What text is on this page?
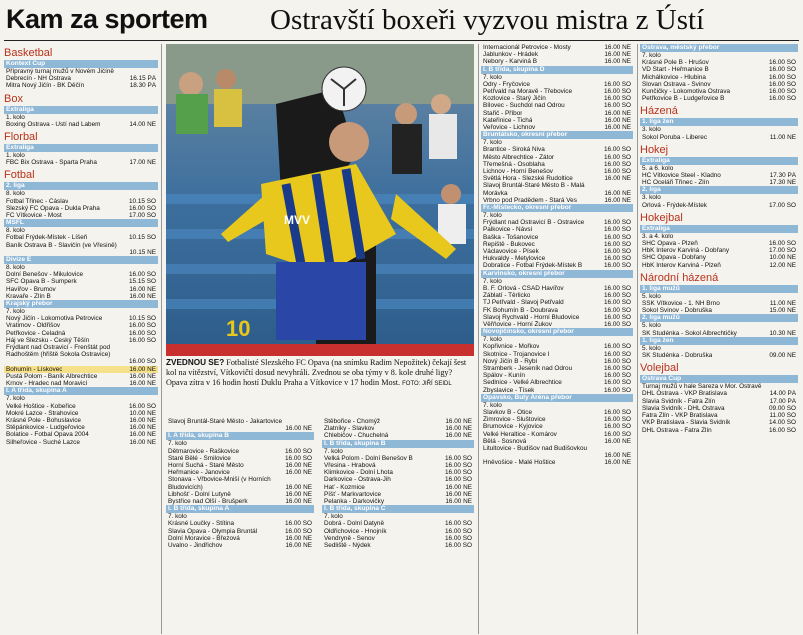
Kam za sportem Ostravští boxeři vyzvou mistra z Ústí
Basketbal
Kontext Cup
Přípravný turnaj mužů v Novém Jičíně
Debrecín - NH Ostrava	16.15 PÁ
Mitra Nový Jičín - BK Děčín	18.30 PÁ
Box
Extraliga
1. kolo
Boxing Ostrava - Ústí nad Labem	14.00 NE
Florbal
Extraliga
1. kolo
FBC Bix Ostrava - Sparta Praha	17.00 NE
Fotbal
2. liga
8. kolo
Fotbal Třinec - Čáslav	10.15 SO
Slezský FC Opava - Dukla Praha	16.00 SO
FC Vítkovice - Most	17.00 SO
MSFL
8. kolo
Fotbal Frýdek-Místek - Líšeň	10.15 SO
Baník Ostrava B - Slavičín (ve Vřesině)
10.15 NE
Divize E
8. kolo
Dolní Benešov - Mikulovice	16.00 SO
SFC Opava B - Šumperk	15.15 SO
Havířov - Brumov	16.00 NE
Kravaře - Zlín B	16.00 NE
Krajský přebor
7. kolo
Nový Jičín - Lokomotiva Petrovice	10.15 SO
Vratimov - Oldřišov	16.00 SO
Petřkovice - Čeladná	16.00 SO
Háj ve Slezsku - Český Těšín	16.00 SO
Frýdlant nad Ostravicí - Frenštát pod
Radhoštěm (hřiště Sokola Ostravice)
16.00 SO
Bohumín - Lískovec	16.00 NE
Pustá Polom - Baník Albrechtice	16.00 NE
Krnov - Hradec nad Moravicí	16.00 NE
I. A třída, skupina A
7. kolo
Velké Hoštice - Kobeřice	16.00 SO
Mokré Lazce - Strahovice	10.00 NE
Krásné Pole - Bohuslavice	16.00 NE
Štěpánkovice - Ludgeřovice	16.00 NE
Bolatice - Fotbal Opava 2004	16.00 NE
Šilheřovice - Suché Lazce	16.00 NE
10
MVV
ZVEDNOU SE? Fotbalisté Slezského FC Opava (na snímku Radim Nepožitek) čekají šest kol na vítězství, Vítkovičtí dosud nevyhráli. Zvednou se oba týmy v 8. kole druhé ligy? Opava zítra v 16 hodin hostí Duklu Praha a Vítkovice v 17 hodin Most. FOTO: JIŘÍ SEIDL
Slavoj Bruntál-Staré Město - Jakartovice
16.00 NE
I. A třída, skupina B
7. kolo
Dětmarovice - Raškovice	16.00 SO
Staré Bělé - Smilovice	16.00 SO
Horní Suchá - Staré Město	16.00 NE
Heřmanice - Janovice	16.00 NE
Stonava - Vřbovice-Mniší (v Horních
Bludovicích)	16.00 NE
Libhošť - Dolní Lutyně	16.00 NE
Bystřice nad Olší - Brušperk	16.00 NE
I. B třída, skupina A
7. kolo
Krásné Loučky - Štítina	16.00 SO
Slavia Opava - Olympia Bruntál	16.00 SO
Dolní Moravice - Březová	16.00 NE
Úvalno - Jindřichov	16.00 NE
Stěbořice - Chomýž	16.00 NE
Zlatníky - Slavkov	16.00 NE
Chlebičov - Chuchelná	16.00 NE
I. B třída, skupina B
7. kolo
Velká Polom - Dolní Benešov B	16.00 SO
Vřesina - Hrabová	16.00 SO
Klimkovice - Dolní Lhota	16.00 SO
Darkovice - Ostrava-Jih	16.00 SO
Hať - Kozmice	16.00 NE
Píšť - Markvartovice	16.00 NE
Pelanka - Darkovičky	16.00 NE
I. B třída, skupina C
7. kolo
Dobrá - Dolní Datyně	16.00 SO
Oldřichovice - Hnojník	16.00 SO
Vendryně - Senov	16.00 SO
Sedliště - Nýdek	16.00 SO
Internacionál Petrovice - Mosty	16.00 NE
Jablunkov - Hrádek	16.00 NE
Nebory - Karviná B	16.00 NE
I. B třída, skupina D
7. kolo
Odry - Fryčovice	16.00 SO
Petřvald na Moravě - Třebovice	16.00 SO
Kozlovice - Starý Jičín	16.00 SO
Bílovec - Suchdol nad Odrou	16.00 SO
Stařič - Příbor	16.00 NE
Kateřinice - Tichá	16.00 NE
Veřovice - Lichnov	16.00 NE
Bruntálsko, okresní přebor
7. kolo
Brantice - Široká Niva	16.00 SO
Město Albrechtice - Zátor	16.00 SO
Třemešná - Osoblaha	16.00 SO
Lichnov - Horní Benešov	16.00 SO
Světlá Hora - Slezské Rudoltice	16.00 NE
Slavoj Bruntál-Staré Město B - Malá
Morávka	16.00 NE
Vrbno pod Pradědem - Stará Ves	16.00 NE
Fr.-Místecko, okresní přebor
7. kolo
Frýdlant nad Ostravicí B - Ostravice	16.00 SO
Palkovice - Návsí	16.00 SO
Baška - Tošanovice	16.00 SO
Řepiště - Bukovec	16.00 SO
Václavovice - Písek	16.00 SO
Hukvaldy - Metylovice	16.00 SO
Dobratice - Fotbal Frýdek-Místek B	16.00 SO
Karvinsko, okresní přebor
7. kolo
B. F. Orlová - ČSAD Havířov	16.00 SO
Záblatí - Těrlicko	16.00 SO
TJ Petřvald - Slavoj Petřvald	16.00 SO
FK Bohumín B - Doubrava	16.00 SO
Slavoj Rychvald - Horní Bludovice	16.00 SO
Věřňovice - Horní Žukov	16.00 SO
Novojičínsko, okresní přebor
7. kolo
Kopřivnice - Mořkov	16.00 SO
Skotnice - Trojanovice I	16.00 SO
Nový Jičín B - Rybí	16.00 SO
Štramberk - Jeseník nad Odrou	16.00 SO
Spálov - Kunín	16.00 SO
Sedlnice - Velké Albrechtice	16.00 SO
Zbyslavice - Tísek	16.00 SO
Opavsko, Buly Aréna přebor
7. kolo
Slavkov B - Otice	16.00 SO
Žimrovice - Sluštovice	16.00 SO
Brumovice - Kyjovice	16.00 SO
Velké Heraltice - Komárov	16.00 SO
Bělá - Sosnová	16.00 NE
Litultovice - Budišov nad Budišovkou
16.00 NE
Hněvošice - Malé Hoštice	16.00 NE
Ostrava, městský přebor
7. kolo
Krásné Pole B - Hrušov	16.00 SO
VD Start - Heřmanice B	16.00 SO
Michálkovice - Hlubina	16.00 SO
Slovan Ostrava - Svinov	16.00 SO
Kunčičky - Lokomotiva Ostrava	16.00 SO
Petřkovice B - Ludgeřovice B	16.00 SO
Házená
1. liga žen
3. kolo
Sokol Poruba - Liberec	11.00 NE
Hokej
Extraliga
5. a 6. kolo
HC Vítkovice Steel - Kladno	17.30 PÁ
HC Oceláři Třinec - Zlín	17.30 NE
2. liga
3. kolo
Orlová - Frýdek-Místek	17.00 SO
Hokejbal
Extraliga
3. a 4. kolo
SHC Opava - Plzeň	16.00 SO
HbK Interov Karviná - Dobřany	17.00 SO
SHC Opava - Dobřany	10.00 NE
HbK Interov Karviná - Plzeň	12.00 NE
Národní házená
1. liga mužů
5. kolo
SSK Vítkovice - 1. NH Brno	11.00 NE
Sokol Svinov - Dobruška	15.00 NE
2. liga mužů
5. kolo
SK Studénka - Sokol Albrechtičky	10.30 NE
1. liga žen
5. kolo
SK Studénka - Dobruška	09.00 NE
Volejbal
Ostrava Cup
Turnaj mužů v hale Sareza v Mor. Ostravě
DHL Ostrava - VKP Bratislava	14.00 PÁ
Slavia Svidník - Fatra Zlín	17.00 PÁ
Slavia Svidník - DHL Ostrava	09.00 SO
Fatra Zlín - VKP Bratislava	11.00 SO
VKP Bratislava - Slavia Svidník	14.00 SO
DHL Ostrava - Fatra Zlín	16.00 SO
